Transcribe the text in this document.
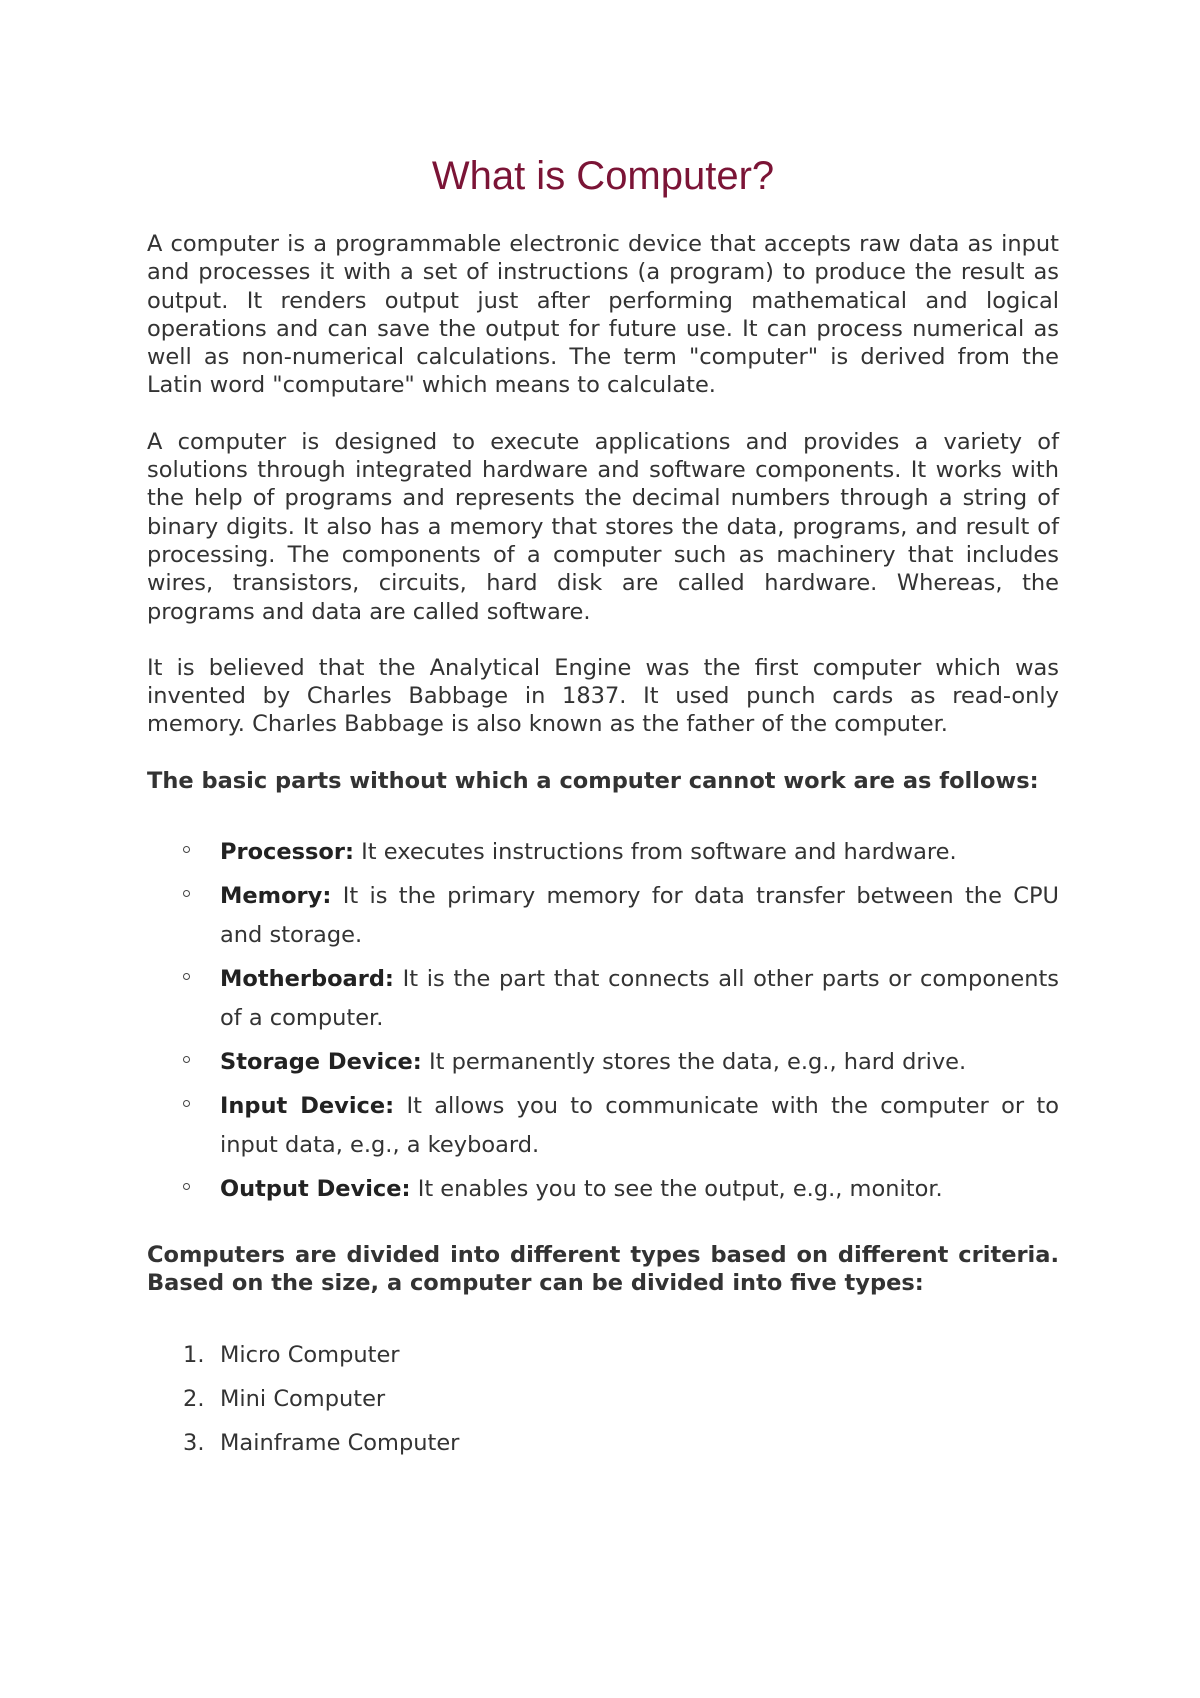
What is Computer?

A computer is a programmable electronic device that accepts raw data as input and processes it with a set of instructions (a program) to produce the result as output. It renders output just after performing mathematical and logical operations and can save the output for future use. It can process numerical as well as non-numerical calculations. The term "computer" is derived from the Latin word "computare" which means to calculate.

A computer is designed to execute applications and provides a variety of solutions through integrated hardware and software components. It works with the help of programs and represents the decimal numbers through a string of binary digits. It also has a memory that stores the data, programs, and result of processing. The components of a computer such as machinery that includes wires, transistors, circuits, hard disk are called hardware. Whereas, the programs and data are called software.

It is believed that the Analytical Engine was the first computer which was invented by Charles Babbage in 1837. It used punch cards as read-only memory. Charles Babbage is also known as the father of the computer.

The basic parts without which a computer cannot work are as follows:

Processor: It executes instructions from software and hardware.
Memory: It is the primary memory for data transfer between the CPU and storage.
Motherboard: It is the part that connects all other parts or components of a computer.
Storage Device: It permanently stores the data, e.g., hard drive.
Input Device: It allows you to communicate with the computer or to input data, e.g., a keyboard.
Output Device: It enables you to see the output, e.g., monitor.

Computers are divided into different types based on different criteria. Based on the size, a computer can be divided into five types:

1. Micro Computer
2. Mini Computer
3. Mainframe Computer
